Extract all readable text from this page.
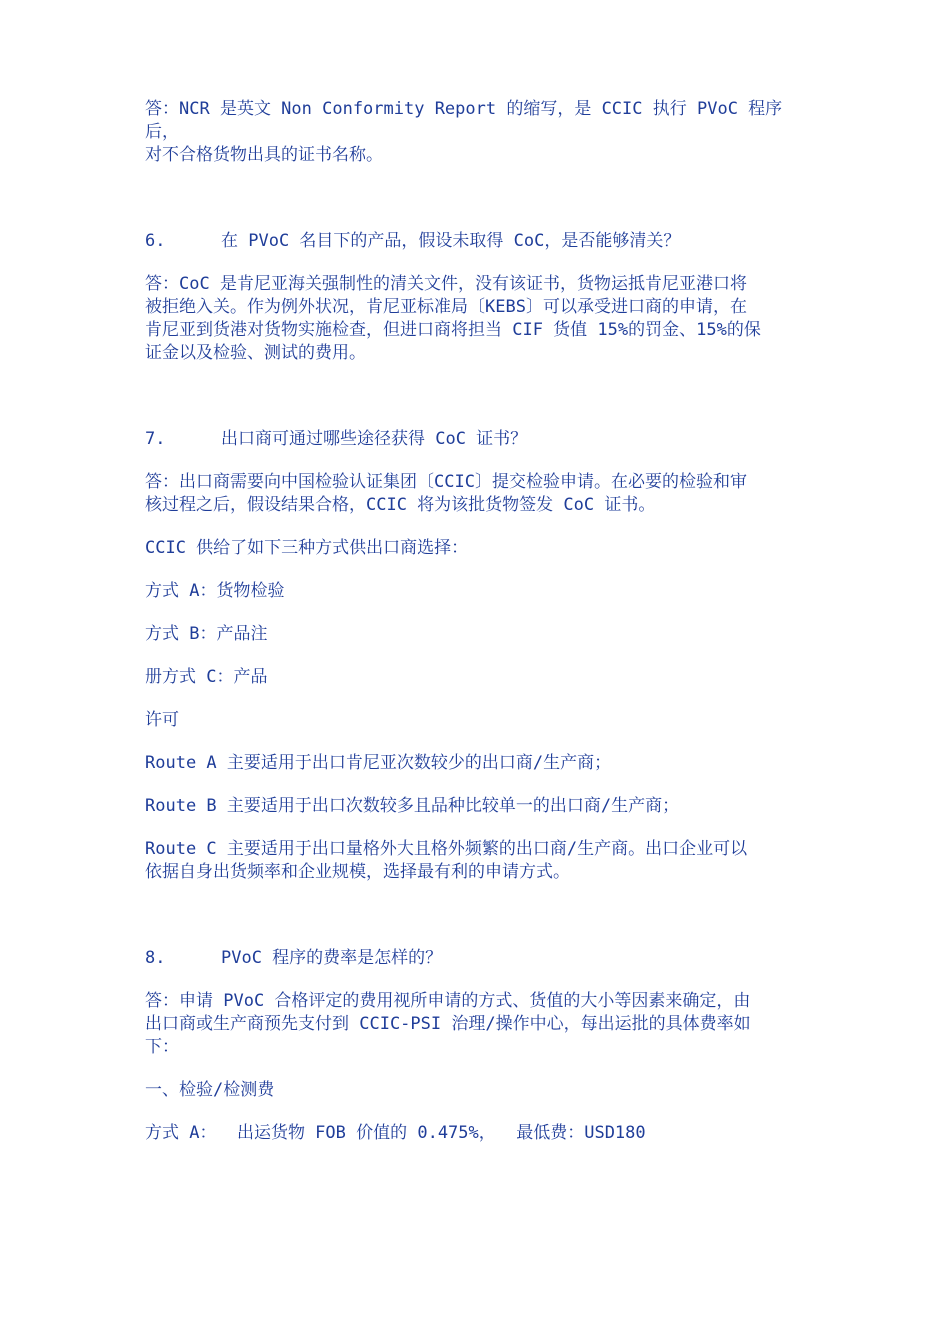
答：NCR 是英文 Non Conformity Report 的缩写，是 CCIC 执行 PVoC 程序后，

对不合格货物出具的证书名称。

6.	在 PVoC 名目下的产品，假设未取得 CoC，是否能够清关？

答：CoC 是肯尼亚海关强制性的清关文件，没有该证书，货物运抵肯尼亚港口将

被拒绝入关。作为例外状况，肯尼亚标准局〔KEBS〕可以承受进口商的申请，在

肯尼亚到货港对货物实施检查，但进口商将担当 CIF 货值 15%的罚金、15%的保

证金以及检验、测试的费用。

7.	出口商可通过哪些途径获得 CoC 证书？

答：出口商需要向中国检验认证集团〔CCIC〕提交检验申请。在必要的检验和审

核过程之后，假设结果合格，CCIC 将为该批货物签发 CoC 证书。

CCIC 供给了如下三种方式供出口商选择：

方式 A：货物检验

方式 B：产品注

册方式 C：产品

许可

Route A 主要适用于出口肯尼亚次数较少的出口商/生产商；

Route B 主要适用于出口次数较多且品种比较单一的出口商/生产商；

Route C 主要适用于出口量格外大且格外频繁的出口商/生产商。出口企业可以

依据自身出货频率和企业规模，选择最有利的申请方式。

8.	PVoC 程序的费率是怎样的？

答：申请 PVoC 合格评定的费用视所申请的方式、货值的大小等因素来确定，由

出口商或生产商预先支付到 CCIC-PSI 治理/操作中心，每出运批的具体费率如

下：

一、检验/检测费

方式 A：  出运货物 FOB 价值的 0.475%，  最低费：USD180
